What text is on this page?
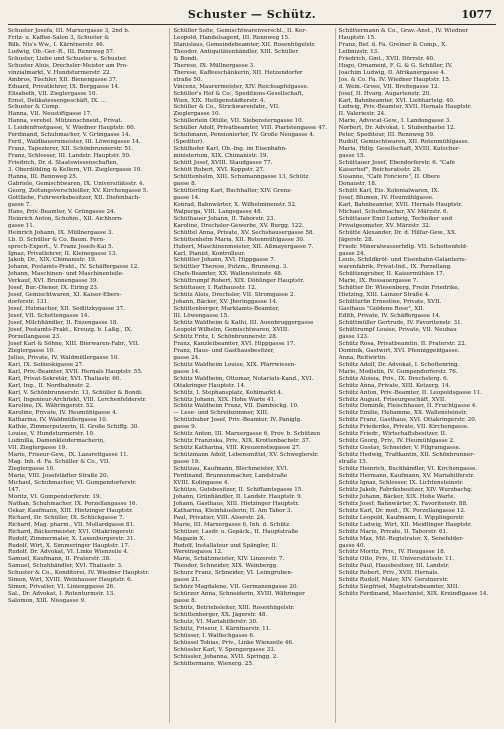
Schuster — Schütz.	1077
Schuster Josefa, III. Marxergasse 3, 2nd b.
Fritz- u. Kaffee-Salon 3, Schuster &
Bilk. Nis's Ww., I. Kärntnerstr. 46.
Ludwig, Ob.-Ger.-R., III. Rennweg 57.
Schuster, Liebe und Schuster u. Schuster.
Schuster Alois, Drechsler-Meister am Pro-
vinzialmarkt, V. Hundsturmerstr. 22.
Ambros, Tischler, XII. Bienengasse 37.
Eduard, Privatlehrer, IX. Berggasse 14.
Elisabeth, VII. Zieglergasse 10.
Ernst, Delikatessengeschäft, IX. ...
Schuster & Comp.
Hanna, VII. Neustiftgasse 17.
Hanna, verehel. Mützenschneid., Privat.
I. Leidenfrostgasse, V. Wiedner Hauptstr. 60.
Ferdinand, Schuhmacher, V. Grüngasse 14.
Ferd., Waldbauernmeister, III. Löwengasse 14.
Franz, Tapezierer, XII. Schönbrunnerstr. 51.
Franz, Schlosser, III. Landstr. Hauptstr. 50.
Friedrich, Dr. d. Staatswissenschaften,
3. Oberdöbling & Kellern, VII. Zieglergasse 10.
Hanna, III. Rennweg 25.
Gabriele, Gemischtwaren, IX. Universitätsstr. 4.
Georg, Zeitungsverschleißer, XV. Kirchengasse 5.
Gottliebe, Fuhrwerksbesitzer, XII. Diefenbach-
gasse 7.
Hans, Priv.-Beamter, V. Grüngasse 24.
Heinrich Anton, Schuhm., XII. Aichhorn-
gasse 11.
Heinrich Johann, IX. Müllnergasse 3.
Lb. D. Schüller & Co. Baum. Fern-
sprech-Expert., V. Franz Josefs-Kai 5.
Ignaz, Privatlehrer, II. Kleinegasse 13.
Jakob, Dr., XIX. Chimanistr. 19.
Johann, Postamts-Prakt., IV. Schäffergasse 12.
Johann, Maschinen- und Maschinenteile-
Verkauf, XVI. Brunnengasse 39.
Josef, Bur.-Diener, IX. Eiring 23.
Josef, Gemischtwaren, XI. Kaiser-Ebers-
dorferstr. 131.
Josef, Hutmacher, XII. Sedlitzkygasse 37.
Josef, VII. Schottengasse 14.
Josef, Milchhändler, II. Enzengasse 18.
Josef, Postamts-Prakt., Kreuzg. b. Laßg., IX.
Porzellangasse 23.
Josef Karl & Söhne, XIII. Bierwaren-Fabr., VII.
Zieglergasse 10.
Julius, Private, IV. Waldmüllergasse 10.
Karl, IX. Sobieskigasse 27.
Karl, Priv.-Beamter, XVII. Hernals Hauptstr. 55.
Karl, Privat-Sekretär, XVI. Thaliastr. 60.
Karl, Ing., II. Nordbahnstr. 2.
Karl, V. Schönbrunnerstr. 13, Schüller & Bondi.
Karl, Ingenieur-Architekt, VIII. Lerchenfelderstr.
Karoline, IX. Währingerstr. 52.
Karoline, Private, IV. Heumühlgasse 4.
Katharina, IV. Waldmüllergasse 10.
Kathie, Zimmerputzerin, II. Große Schiffg. 30.
Louise, V. Hundsturmerstr. 10.
Ludmilla, Damenkleidermacherin,
VII. Zieglergasse 19.
Marie, Friseur-Gew., IX. Lazarettgasse 11.
Mag. Inh. d. Fa. Schüller & Co., VII.
Zieglergasse 10.
Marie, VIII. Josefstädter Straße 20.
Michael, Schuhmacher, VI. Gumpendorferstr.
147.
Moritz, VI. Gumpendorferstr. 19.
Nathan, Schuhmacher, IX. Porzellangasse 16.
Oskar, Kaufmann, XIII. Hietzinger Hauptstr.
Richard, Dr. Schüller, IX. Schlickgasse 7.
Richard, Mag. pharm., VII. Mollardgasse 81.
Richard, Bäckermeister, XVI. Ottakringerstr.
Rudolf, Zimmermaler, X. Laxenburgerstr. 31.
Rudolf, Wirt, X. Simmeringer Hauptstr. 17.
Rudolf, Dr. Advokat, VI. Linke Wienzeile 4.
Samuel, Kaufmann, II. Praterstr. 38.
Samuel, Schuhhändler, XVI. Thaliastr. 3.
Schuster & Co., Konditorei, IV. Wiedner Hauptstr.
Simon, Wirt, XVIII. Weinhauser Hauptstr. 6.
Simon, Privatier, VI. Linienggasse 26.
Sal., Dr. Advokat, I. Rotenturmstr. 13.
Salomon, XIII. Nissgasse 9.
Schüller Sofie, Gemischtwarenverschl., II. Ker-
Leopold, Handelsagent, III. Rennweg 15.
Stanislaus, Gemeindebeamter, XII. Rosenhügelstr.
Theodor, Antiquitätenhändler, XIII. Schüller
& Bondi.
Therese, IX. Müllnergasse 3.
Therese, Kaffeeschänkerin, XII. Hetzendorfer
straße 50.
Vincenz, Maurermeister, XIV. Reichsapfelgasse.
Schüller's Hof & Co., Speditions-Gesellschaft,
Wien, XIX. Heiligenstädterstr. 4.
Schüller & Co., Strickwarenfabr., VII.
Zieglergasse 10.
Schüllerlein Ottilie, VII. Siebensterngasse 10.
Schüller Adolf, Privatbeamter, VIII. Piaristengasse 47.
Schuhmann, Pensionierter, IV. Große Neugasse 4.
(Speditor).
Schülhofer Karl, Ob.-Ing. im Eisenbahn-
ministerium, XIX. Chimanistr. 19.
Schütt Josef, XVIII. Staudgasse 77.
Schütt Robert, XVI. Koppstr. 27.
Schüttenhelm, XIII. Schumanngasse 13, Schütz
gasse 8.
Schütterling Karl, Buchhalter, XIV. Grenz-
gasse 14.
Konrad, Bahnwärter, X. Wilhelminenstr. 52.
Walpurga, VIII. Langegasse 48.
Schüthauer Johann, II. Taborstr. 23.
Karoline, Drechsler-Gewerbe, XV. Burgg. 122.
Schüttel Anna, Private, XV. Sechshausergasse 58.
Schüttenhelm Maria, XII. Rotenmühlgasse 30.
Hubert, Maschinenmeister, XII. Aßmayergasse 7.
Karl, Pianist, Kontrolleur.
Schüttler Johann, XVI. Hippgasse 7.
Schüttler Therese, Putzm., Brunneng. 3.
Chefs-Beamter, XX. Wallensteinstr. 48.
Schüttrumpf Robert, XIX. Döblinger Hauptstr.
Schüttauer, I. Rathausstr. 12.
Schütz Alois, Drechsler, VII. Stromgasse 2.
Johann, Bäcker, XV. Jheringgasse 14.
Schüttenberger, Marktamts-Beamter,
III. Löwengasse 15.
Schütz Waldheim & Kathi, III. Auenbruggergasse
Leopold Wilhelm, Gemischtwaren, XVIII.
Schütz Fritz, I. Schönbrunnerstr. 28.
Franz, Kanzleibeamter, XVI. Hippgasse 17.
Franz, Haus- und Gasthausbesitzer,
gasse 24.
Schütz Waldheim Louise, XIX. Pfarrwiesen-
gasse 14.
Schütz Waldheim, Ottomar, Notariats-Kand., XVI.
Ottakringer Hauptstr. 14.
Schütz, I. Stephansplatz, Kohlmarkt 4.
Schütz Johann, XIX. Hohe Warte 41.
Schütz Waldheim Franz, VII. Dambockg. 10.
— Lese- und Schreibzimmer, XIII.
Schützhuber Josef, Priv.-Beamter, IV. Paniglg.
gasse 9.
Schütz Anton, III. Marxergasse 6, Prov. b. Schützen
Schütz Franziska, Priv., XIX. Krottenbachstr. 37.
Schütz Katharina, VIII. Kreuzenstiegasse 27.
Schützmann Adolf, Lebensmittel, XV. Schweglerstr.
gasse 19.
Schützau, Kaufmann, Blechmeister, XVI.
Ferdinand, Brunnenmacher, Landstraße
XVIII. Kolingasse 4.
Schütze, Gutsbesitzer, II. Schiffamtsgasse 15.
Johann, Grünhändler, II. Landstr. Hauptstr. 9.
Johann, Gasthaus, XIII. Hietzinger Hauptstr.
Katharina, Kleinhäuslerin, II. Am Tabor 3.
Paul, Privatier, VIII. Alserstr. 24.
Marie, III. Marxergasse 6, Inh. d. Schütz.
Schützer, Lasdr. u. Gepäck., II. Hauptstraße
Magazin X.
Rudolf, Installateur und Spängler, II.
Wereinsgasse 12.
Marie, Schätzmeister, XIV. Linzerstr. 7.
Theodor, Schneider, XIX. Weinbergg.
Schurz Franz, Schneider, VI. Leimgruben-
gasse 21.
Schürz Magdalene, VII. Germanengasse 20.
Schürzer Anna, Schneiderin, XVIII. Währinger
gasse 8.
Schütz, Betriebsleiter, XIII. Rosenhügelstr.
Schüttenberger, XX. Jägerstr. 48.
Schutz, VI. Mariahilferstr. 30.
Schütz, Friseur, I. Kärntnerstr. 11.
Schüsser, I. Walfischgasse 6.
Schüssel Tobias, Priv., Linke Wienzeile 46.
Schüssler Karl, V. Spengergasse 33.
Schüssler, Johanna, XVII. Springg. 2.
Schüttermann, Wienerg. 25.
Schüttermann & Co., Grav.-Anst., IV. Wiedner
Hauptstr. 15.
Franz, Bef. d. Fa. Greiner & Comp., X.
Leibnizstr. 13.
Friedrich, Gmt., XVII. Dörrstr. 40.
Hugo, Ornament, F. G. & G. Schüller, IV.
Joachim Ludwig, II. Afrikanergasse 4.
Jos. & Co. Fa. IV. Wiedner Hauptstr. 15.
d. Wein.-Gross, VII. Breitegasse 12.
Josef, II. Hvarg. Augartenstr. 20.
Karl, Bahnbeamter, XVI. Liebhartstg. 40.
Ludwig, Priv.-Beamter, XVII. Hernals Hauptstr.
II. Valeriestr. 24.
Marie, Advocat-Gew., I. Landongasse 3.
Norbert, Dr. Advokat, I. Stubenbastei 12.
Peter, Spediteur, III. Rennweg 59.
Rudolf, Gemischtwaren, XII. Rotenmühlgasse.
Maria, Hdlg. Gesellschaft, XVIII. Kutscher-
gasse 15.
Schüttauer Josef, Ebendorferstr. 6. "Café
Kaiserhof", Reichsratsstr. 28.
Susanne, "Café Fonciere", II. Obere
Donaustr. 18.
Schütt Karl, Eis. Kolonialwaren, IX.
Josef, Blumen, IV. Heumühlgasse.
Karl, Bahnbeamter, XVII. Hernals Hauptstr.
Michael, Schuhmacher, XV. Märzstr. 6.
Schüttauer Emil Ludwig, Techniker und
Privatgeometer, XV. Märzstr. 32.
Schütte Alexander, Dr. d. Hilfar-Gew., XX.
Jägerstr. 28.
Friedr. Mineralwasserhdlg. VII. Schottenfeld-
gasse 24.
Louis, Schildkröt- und Eisenbahn-Galanterie-
warenfabrik, Privat-Ind., IX. Porzellang.
Schüttengruber, II. Kaisermühlen 17.
Marie, IX. Rossauergasse 7.
Schütter Dr. Wiesenberg, Freiin Friedrike,
Hietzing, XIII. Lainzer Straße 4.
Schütterlin Ernestine, Private, XVII.
Gasthaus "Goldene Rose", XII.
Edith, Private, IV. Schäffergasse 14.
Schüttmüller Gertrude, IV. Favoritenstr. 31.
Schüttrumpf Louise, Private, VII. Neubau
gasse 123.
Schütz Rosa, Privatbeamtin, II. Praterstr. 22.
Dominik, Gastwirt, XVI. Pfenniggeldgasse.
Anna, Reitwirtin.
Schütz Adolf, Dr. Advokat, I. Schottenring.
Marie, Modistin, IV. Gumpendorferstr. 76.
Schütz Aloisia, Priv., IX. Drechslerg. 6.
Schütz Anna, Private, XIII. Ketzerg. 14.
Schütz Anton, Priv.-Beamter, II. Leopoldsgasse 11.
Schütz August, Friseurgeschäft, XVII.
Schütz Dominik, Fleischhauer, II. Fruchtgasse 4.
Schütz Emilie, Hebamme, XX. Wallensteinstr.
Schütz Franz, Gasthaus, XVI. Ottakringerstr. 20.
Schütz Friederike, Private, VII. Kirchengasse.
Schütz Friedr., Wirtschaftsbesitzer, II.
Schütz Georg, Priv., IV. Heumühlgasse 2.
Schütz Gustav, Schneider, V. Pilgramgasse.
Schütz Hedwig, Trafikantin, XII. Schönbrunner-
straße 15.
Schütz Heinrich, Buchhändler, VI. Kirchengasse.
Schütz Hermann, Kaufmann, XV. Mariahilferstr.
Schütz Ignaz, Schlosser, IX. Lichtensteinstr.
Schütz Jakob, Fabriksbesitzer, XIV. Wurzbachg.
Schütz Johann, Bäcker, XIX. Hohe Warte.
Schütz Josef, Bahnwärter, X. Favoritenstr. 88.
Schütz Karl, Dr. med., IX. Porzellangasse 12.
Schütz Leopold, Kaufmann, I. Wipplingerstr.
Schütz Ludwig, Wirt, XII. Meidlinger Hauptstr.
Schütz Marie, Private, II. Taborstr. 61.
Schütz Max, Mil.-Registrator, X. Senefelder-
gasse 40.
Schütz Moritz, Priv., IV. Heugasse 18.
Schütz Otto, Priv., II. Universitätsstr. 11.
Schütz Paul, Hausbesitzer, III. Landstr.
Schütz Robert, Priv., XVII. Hernals.
Schütz Rudolf, Maler, XIV. Gerstnerstr.
Schütz Siegfried, Magistratsbeamter, XIII.
Schütz Ferdinand, Maschinist, XIX. Kreindlgasse 14.
